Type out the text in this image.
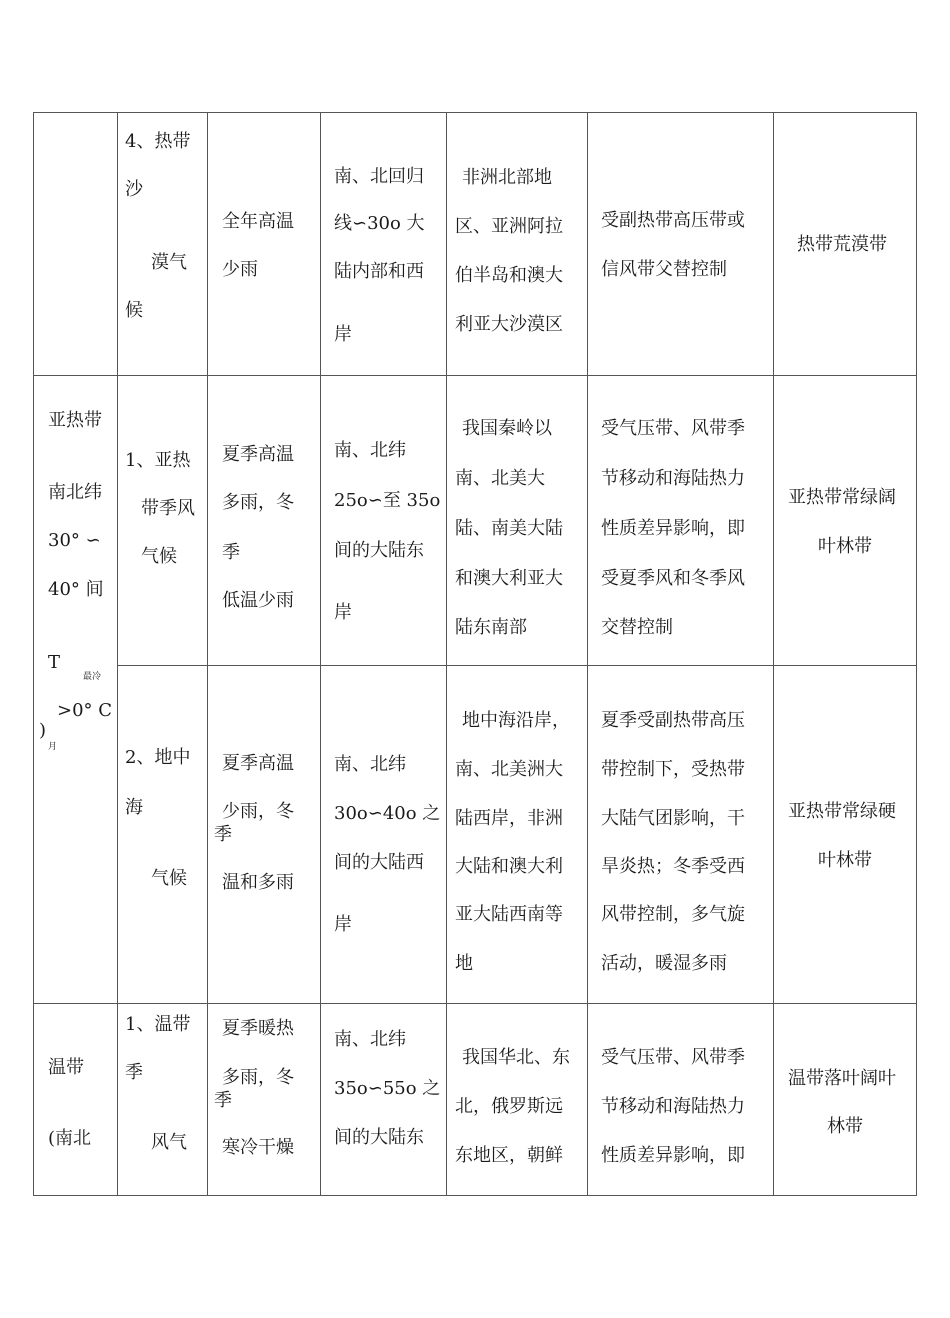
4、热带
沙
漠气
候
全年高温
少雨
南、北回归
线∽30o 大
陆内部和西
岸
非洲北部地
区、亚洲阿拉
伯半岛和澳大
利亚大沙漠区
受副热带高压带或
信风带父替控制
热带荒漠带
亚热带
南北纬
30° ∽
40° 间
T
最冷
>0° C
)
月
1、亚热
带季风
气候
夏季高温
多雨，冬
季
低温少雨
南、北纬
25o∽至 35o
间的大陆东
岸
我国秦岭以
南、北美大
陆、南美大陆
和澳大利亚大
陆东南部
受气压带、风带季
节移动和海陆热力
性质差异影响，即
受夏季风和冬季风
交替控制
亚热带常绿阔
叶林带
2、地中
海
气候
夏季高温
少雨，冬
季
温和多雨
南、北纬
30o∽40o 之
间的大陆西
岸
地中海沿岸，
南、北美洲大
陆西岸，非洲
大陆和澳大利
亚大陆西南等
地
夏季受副热带高压
带控制下，受热带
大陆气团影响，干
旱炎热；冬季受西
风带控制，多气旋
活动，暖湿多雨
亚热带常绿硬
叶林带
温带
(南北
1、温带
季
风气
夏季暖热
多雨，冬
季
寒冷干燥
南、北纬
35o∽55o 之
间的大陆东
我国华北、东
北，俄罗斯远
东地区，朝鲜
受气压带、风带季
节移动和海陆热力
性质差异影响，即
温带落叶阔叶
林带
